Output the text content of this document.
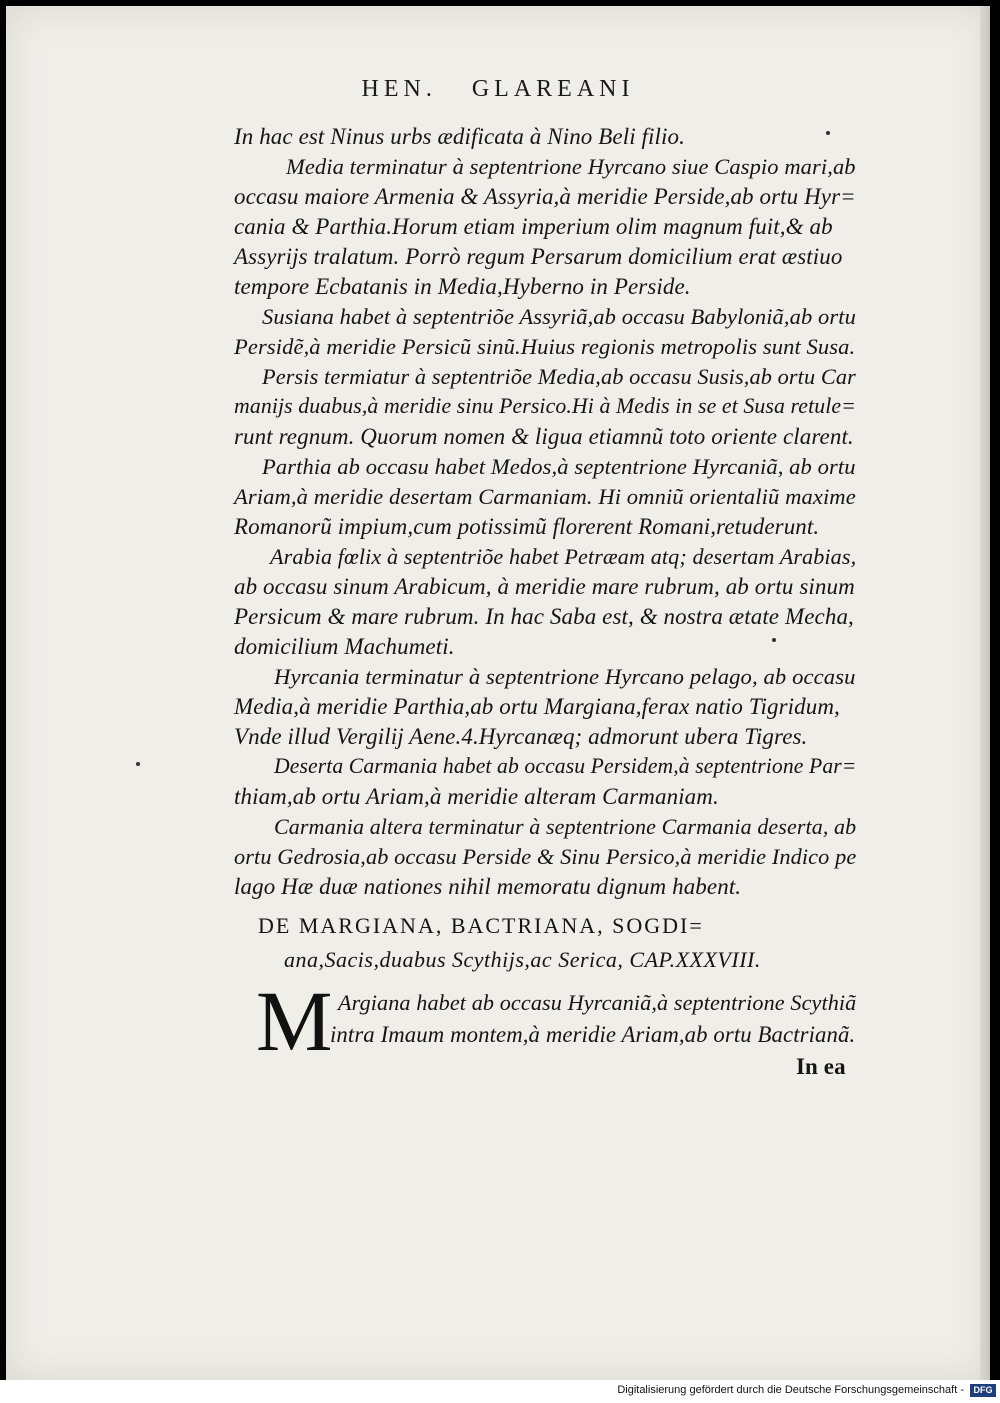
HEN. GLAREANI
In hac est Ninus urbs ædificata à Nino Beli filio.
Media terminatur à septentrione Hyrcano siue Caspio mari,ab
occasu maiore Armenia & Assyria,à meridie Perside,ab ortu Hyr=
cania & Parthia.Horum etiam imperium olim magnum fuit,& ab
Assyrijs tralatum. Porrò regum Persarum domicilium erat æstiuo
tempore Ecbatanis in Media,Hyberno in Perside.
Susiana habet à septentriõe Assyriã,ab occasu Babyloniã,ab ortu
Persidẽ,à meridie Persicũ sinũ.Huius regionis metropolis sunt Susa.
Persis termiatur à septentriõe Media,ab occasu Susis,ab ortu Car
manijs duabus,à meridie sinu Persico.Hi à Medis in se et Susa retule=
runt regnum. Quorum nomen & ligua etiamnũ toto oriente clarent.
Parthia ab occasu habet Medos,à septentrione Hyrcaniã, ab ortu
Ariam,à meridie desertam Carmaniam. Hi omniũ orientaliũ maxime
Romanorũ impium,cum potissimũ florerent Romani,retuderunt.
Arabia fœlix à septentriõe habet Petræam atq; desertam Arabias,
ab occasu sinum Arabicum, à meridie mare rubrum, ab ortu sinum
Persicum & mare rubrum. In hac Saba est, & nostra ætate Mecha,
domicilium Machumeti.
Hyrcania terminatur à septentrione Hyrcano pelago, ab occasu
Media,à meridie Parthia,ab ortu Margiana,ferax natio Tigridum,
Vnde illud Vergilij Aene.4.Hyrcanæq; admorunt ubera Tigres.
Deserta Carmania habet ab occasu Persidem,à septentrione Par=
thiam,ab ortu Ariam,à meridie alteram Carmaniam.
Carmania altera terminatur à septentrione Carmania deserta, ab
ortu Gedrosia,ab occasu Perside & Sinu Persico,à meridie Indico pe
lago Hæ duæ nationes nihil memoratu dignum habent.
DE MARGIANA, BACTRIANA, SOGDI=
ana,Sacis,duabus Scythijs,ac Serica, CAP.XXXVIII.
M Argiana habet ab occasu Hyrcaniã,à septentrione Scythiã
intra Imaum montem,à meridie Ariam,ab ortu Bactrianã.
In ea
Digitalisierung gefördert durch die Deutsche Forschungsgemeinschaft -	DFG
